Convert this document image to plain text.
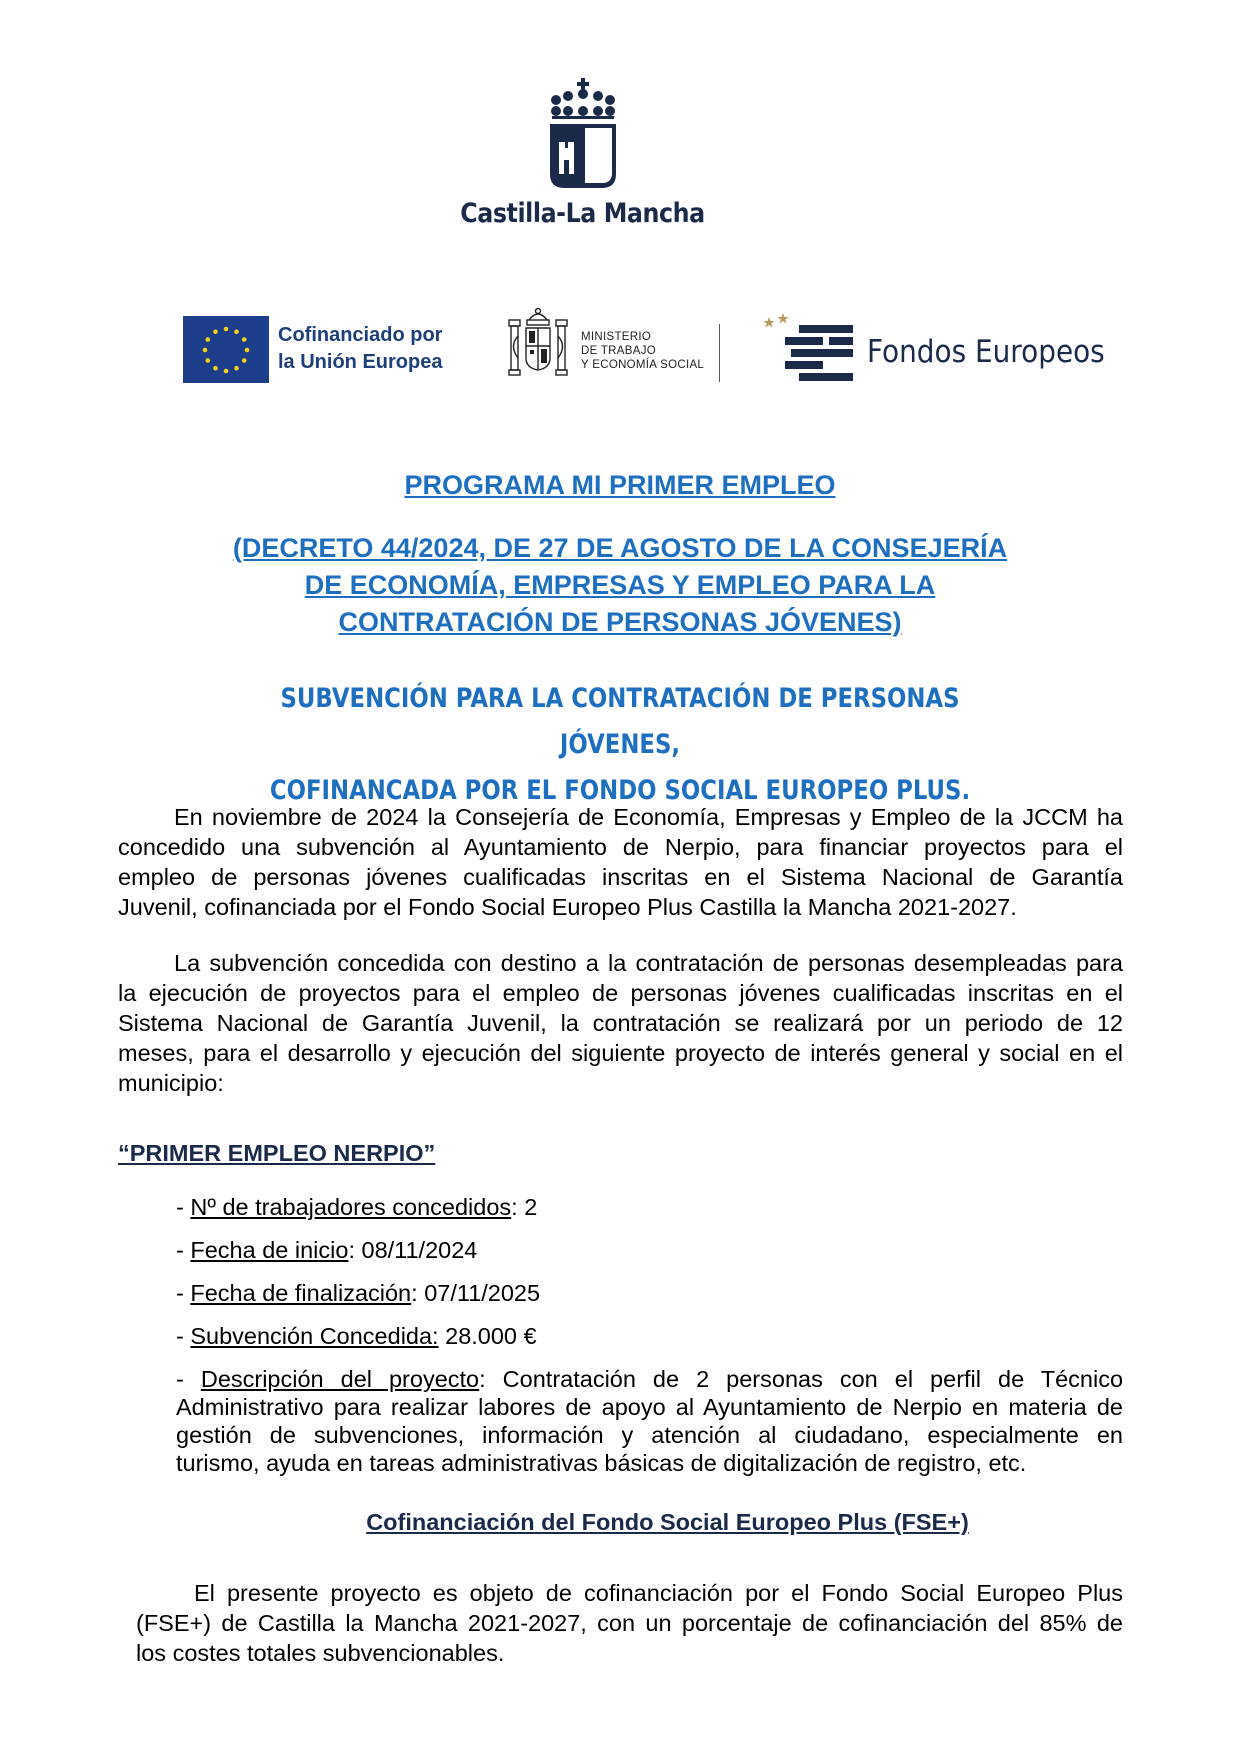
Castilla-La Mancha
Cofinanciado por
la Unión Europea
MINISTERIO
DE TRABAJO
Y ECONOMÍA SOCIAL	Fondos Europeos
PROGRAMA MI PRIMER EMPLEO
(DECRETO 44/2024, DE 27 DE AGOSTO DE LA CONSEJERÍA
DE ECONOMÍA, EMPRESAS Y EMPLEO PARA LA
CONTRATACIÓN DE PERSONAS JÓVENES)
SUBVENCIÓN PARA LA CONTRATACIÓN DE PERSONAS JÓVENES,
COFINANCADA POR EL FONDO SOCIAL EUROPEO PLUS.
En noviembre de 2024 la Consejería de Economía, Empresas y Empleo de la JCCM ha
concedido una subvención al Ayuntamiento de Nerpio, para financiar proyectos para el
empleo de personas jóvenes cualificadas inscritas en el Sistema Nacional de Garantía
Juvenil, cofinanciada por el Fondo Social Europeo Plus Castilla la Mancha 2021-2027.
La subvención concedida con destino a la contratación de personas desempleadas para
la ejecución de proyectos para el empleo de personas jóvenes cualificadas inscritas en el
Sistema Nacional de Garantía Juvenil, la contratación se realizará por un periodo de 12
meses, para el desarrollo y ejecución del siguiente proyecto de interés general y social en el
municipio:
“PRIMER EMPLEO NERPIO”
- Nº de trabajadores concedidos: 2
- Fecha de inicio: 08/11/2024
- Fecha de finalización: 07/11/2025
- Subvención Concedida: 28.000 €
- Descripción del proyecto: Contratación de 2 personas con el perfil de Técnico
Administrativo para realizar labores de apoyo al Ayuntamiento de Nerpio en materia de
gestión de subvenciones, información y atención al ciudadano, especialmente en
turismo, ayuda en tareas administrativas básicas de digitalización de registro, etc.
Cofinanciación del Fondo Social Europeo Plus (FSE+)
El presente proyecto es objeto de cofinanciación por el Fondo Social Europeo Plus
(FSE+) de Castilla la Mancha 2021-2027, con un porcentaje de cofinanciación del 85% de
los costes totales subvencionables.
